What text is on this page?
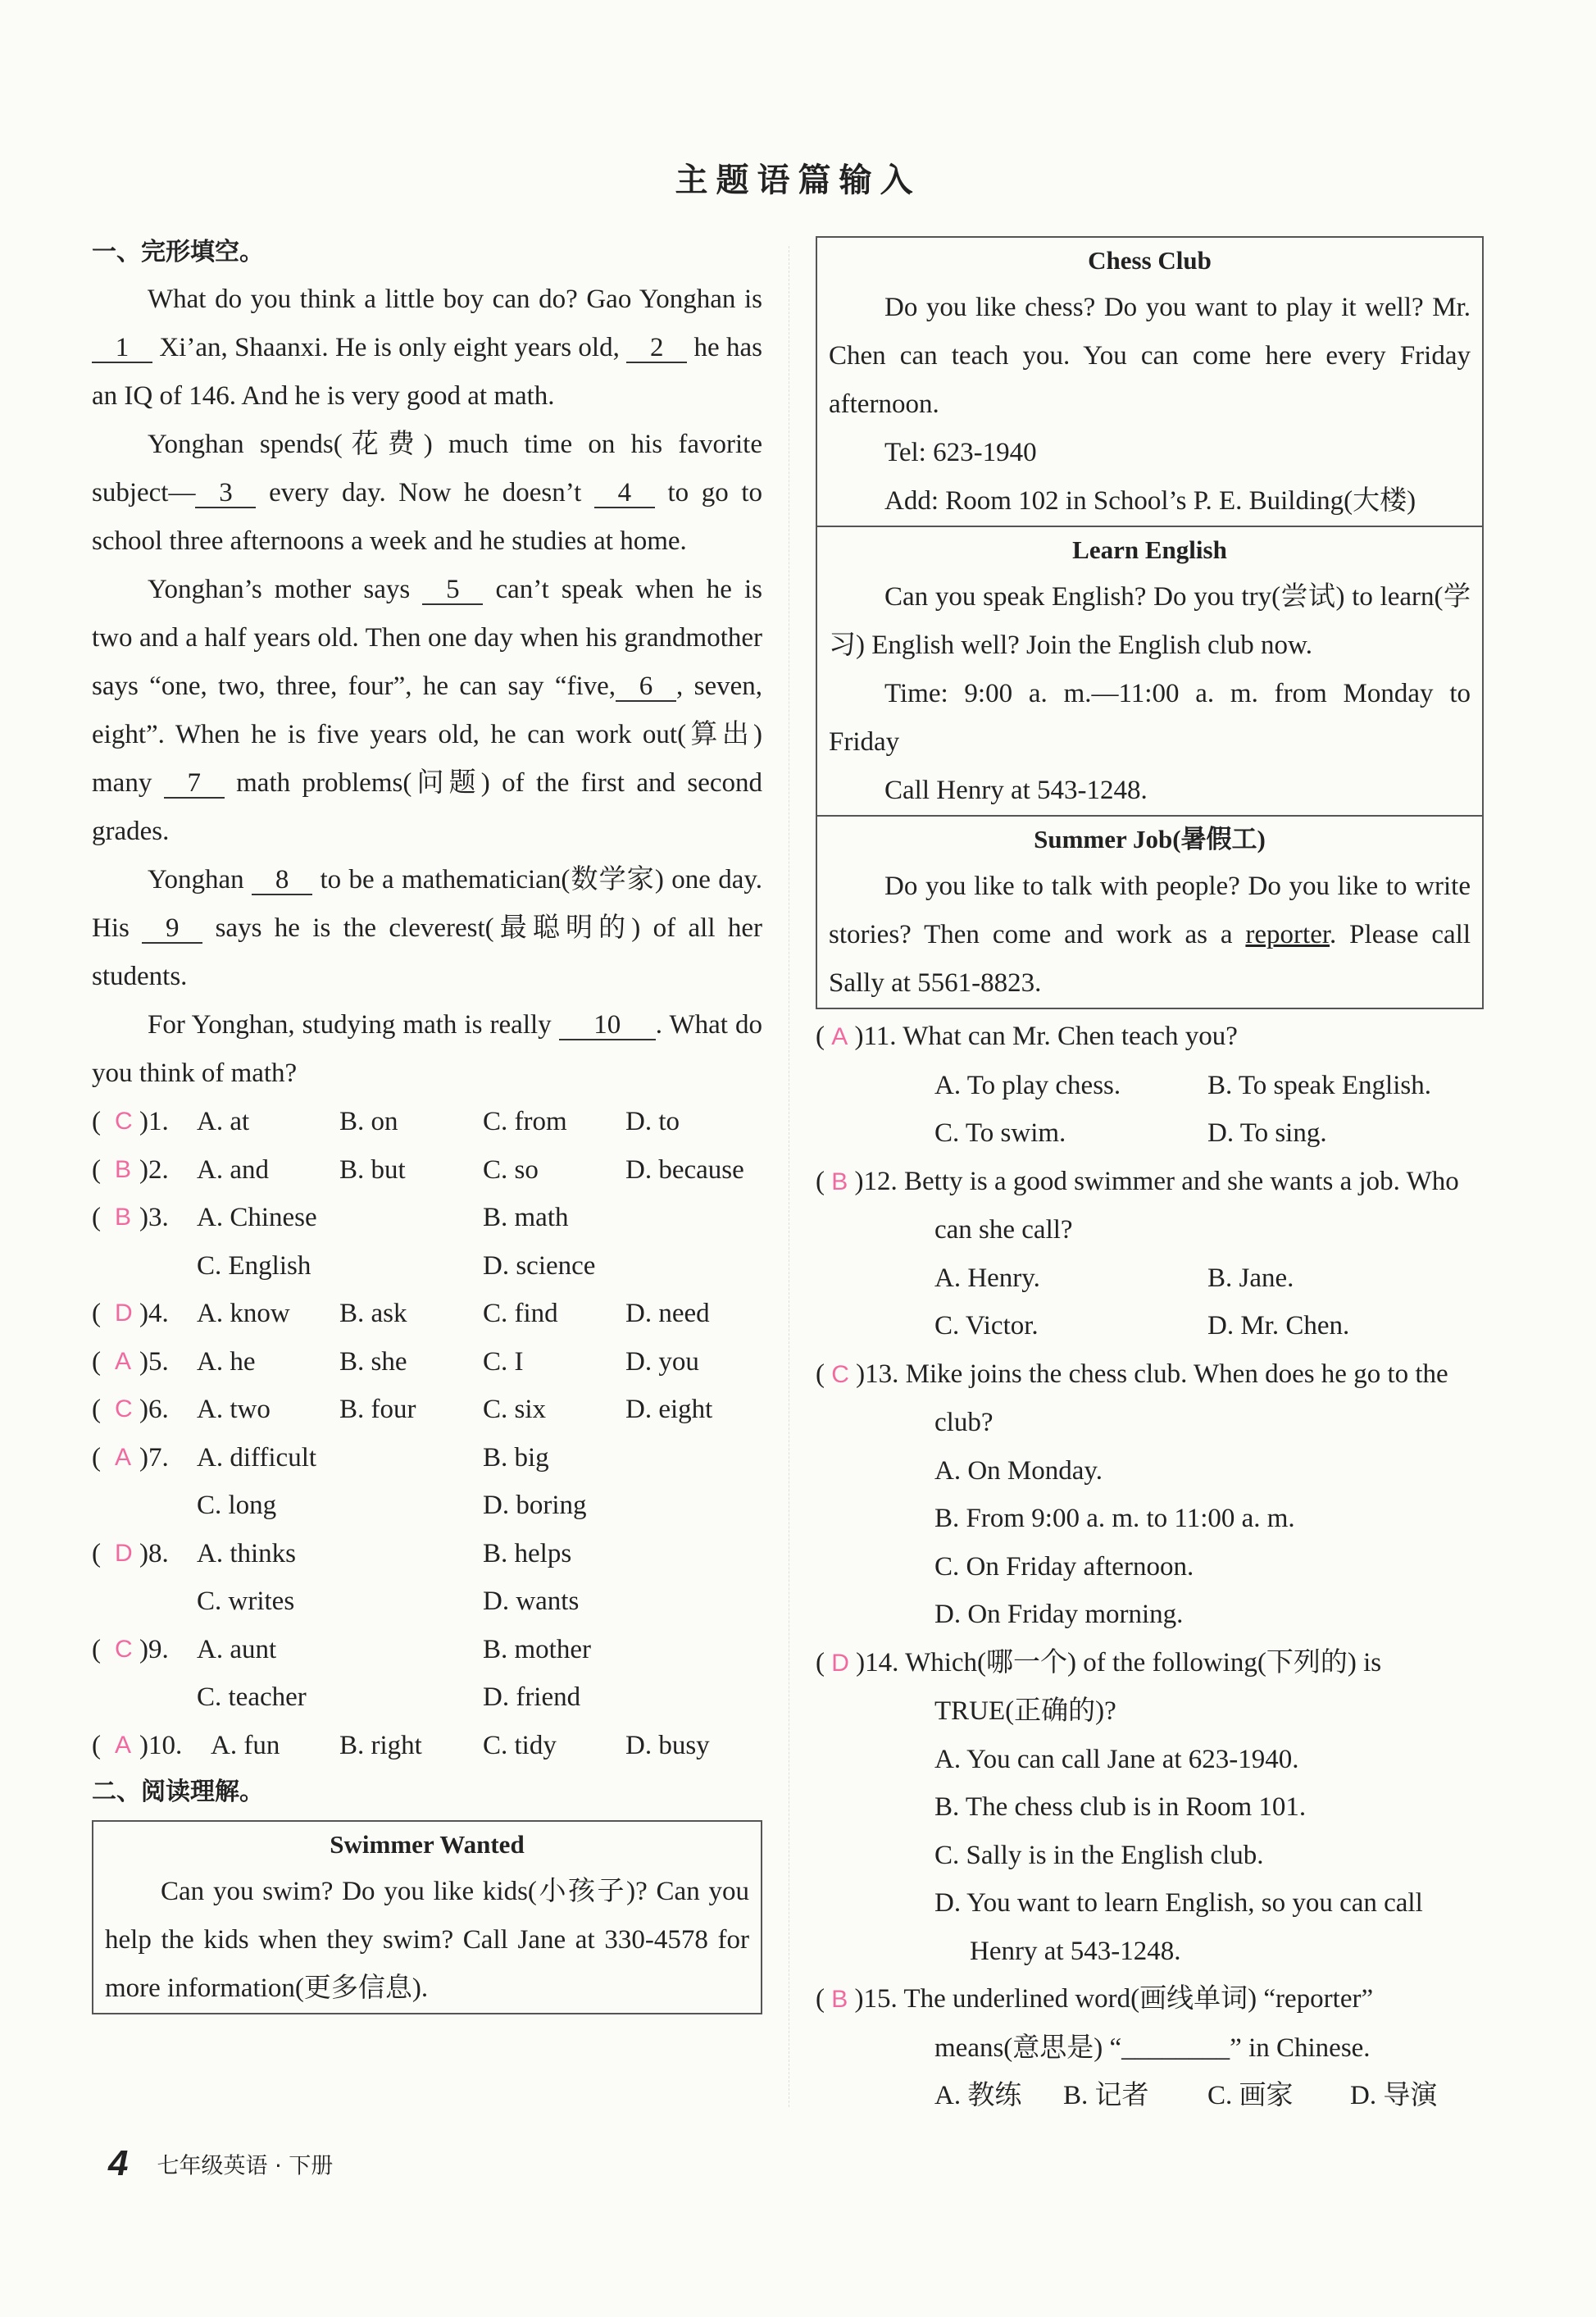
主题语篇输入
一、完形填空。

What do you think a little boy can do? Gao Yonghan is 1 Xi’an, Shaanxi. He is only eight years old, 2 he has an IQ of 146. And he is very good at math.

Yonghan spends(花费) much time on his favorite subject— 3 every day. Now he doesn’t 4 to go to school three afternoons a week and he studies at home.

Yonghan’s mother says 5 can’t speak when he is two and a half years old. Then one day when his grandmother says “one, two, three, four”, he can say “five, 6 , seven, eight”. When he is five years old, he can work out(算出) many 7 math problems(问题) of the first and second grades.

Yonghan 8 to be a mathematician(数学家) one day. His 9 says he is the cleverest(最聪明的) of all her students.

For Yonghan, studying math is really 10 . What do you think of math?

( C )1. A. at	B. on	C. from D. to
( B )2. A. and	B. but	C. so	D. because
( B )3. A. Chinese	B. math
C. English	D. science
( D )4. A. know B. ask	C. find D. need
( A )5. A. he	B. she	C. I	D. you
( C )6. A. two	B. four C. six	D. eight
( A )7. A. difficult	B. big
C. long	D. boring
( D )8. A. thinks	B. helps
C. writes	D. wants
( C )9. A. aunt	B. mother
C. teacher	D. friend
( A )10. A. fun B. right C. tidy	D. busy
二、阅读理解。
Swimmer Wanted
Can you swim? Do you like kids(小孩子)? Can you help the kids when they swim? Call Jane at 330-4578 for more information(更多信息).
Chess Club
Do you like chess? Do you want to play it well? Mr. Chen can teach you. You can come here every Friday afternoon.
Tel: 623-1940
Add: Room 102 in School’s P. E. Building(大楼)
Learn English
Can you speak English? Do you try(尝试) to learn(学习) English well? Join the English club now.
Time: 9:00 a. m.—11:00 a. m. from Monday to Friday
Call Henry at 543-1248.
Summer Job(暑假工)
Do you like to talk with people? Do you like to write stories? Then come and work as a reporter. Please call Sally at 5561-8823.
( A )11. What can Mr. Chen teach you?
A. To play chess.	B. To speak English.
C. To swim.	D. To sing.
( B )12. Betty is a good swimmer and she wants a job. Who can she call?
A. Henry.	B. Jane.
C. Victor.	D. Mr. Chen.
( C )13. Mike joins the chess club. When does he go to the club?
A. On Monday.
B. From 9:00 a. m. to 11:00 a. m.
C. On Friday afternoon.
D. On Friday morning.
( D )14. Which(哪一个) of the following(下列的) is TRUE(正确的)?
A. You can call Jane at 623-1940.
B. The chess club is in Room 101.
C. Sally is in the English club.
D. You want to learn English, so you can call Henry at 543-1248.
( B )15. The underlined word(画线单词) “reporter” means(意思是) “________” in Chinese.
A. 教练 B. 记者 C. 画家 D. 导演
4 七年级英语 · 下册
